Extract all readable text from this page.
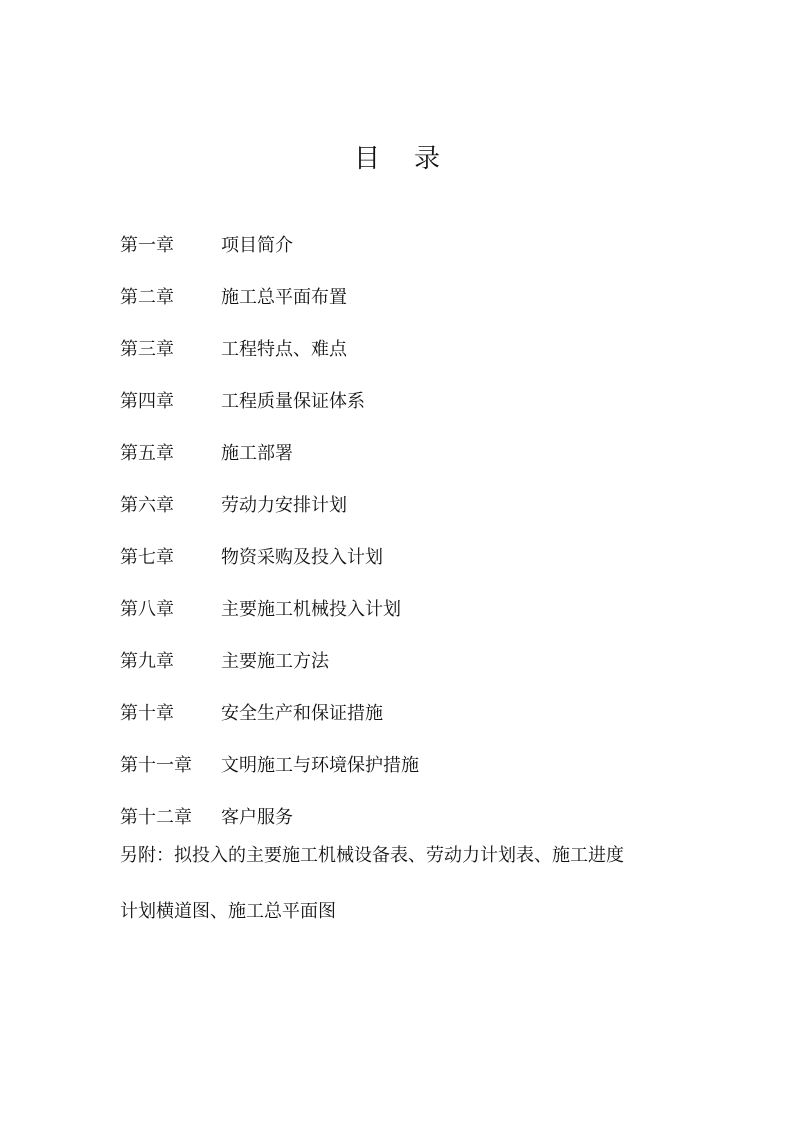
目 录
第一章	项目简介
第二章	施工总平面布置
第三章	工程特点、难点
第四章	工程质量保证体系
第五章	施工部署
第六章	劳动力安排计划
第七章	物资采购及投入计划
第八章	主要施工机械投入计划
第九章	主要施工方法
第十章	安全生产和保证措施
第十一章	文明施工与环境保护措施
第十二章	客户服务

另附：拟投入的主要施工机械设备表、劳动力计划表、施工进度
计划横道图、施工总平面图
